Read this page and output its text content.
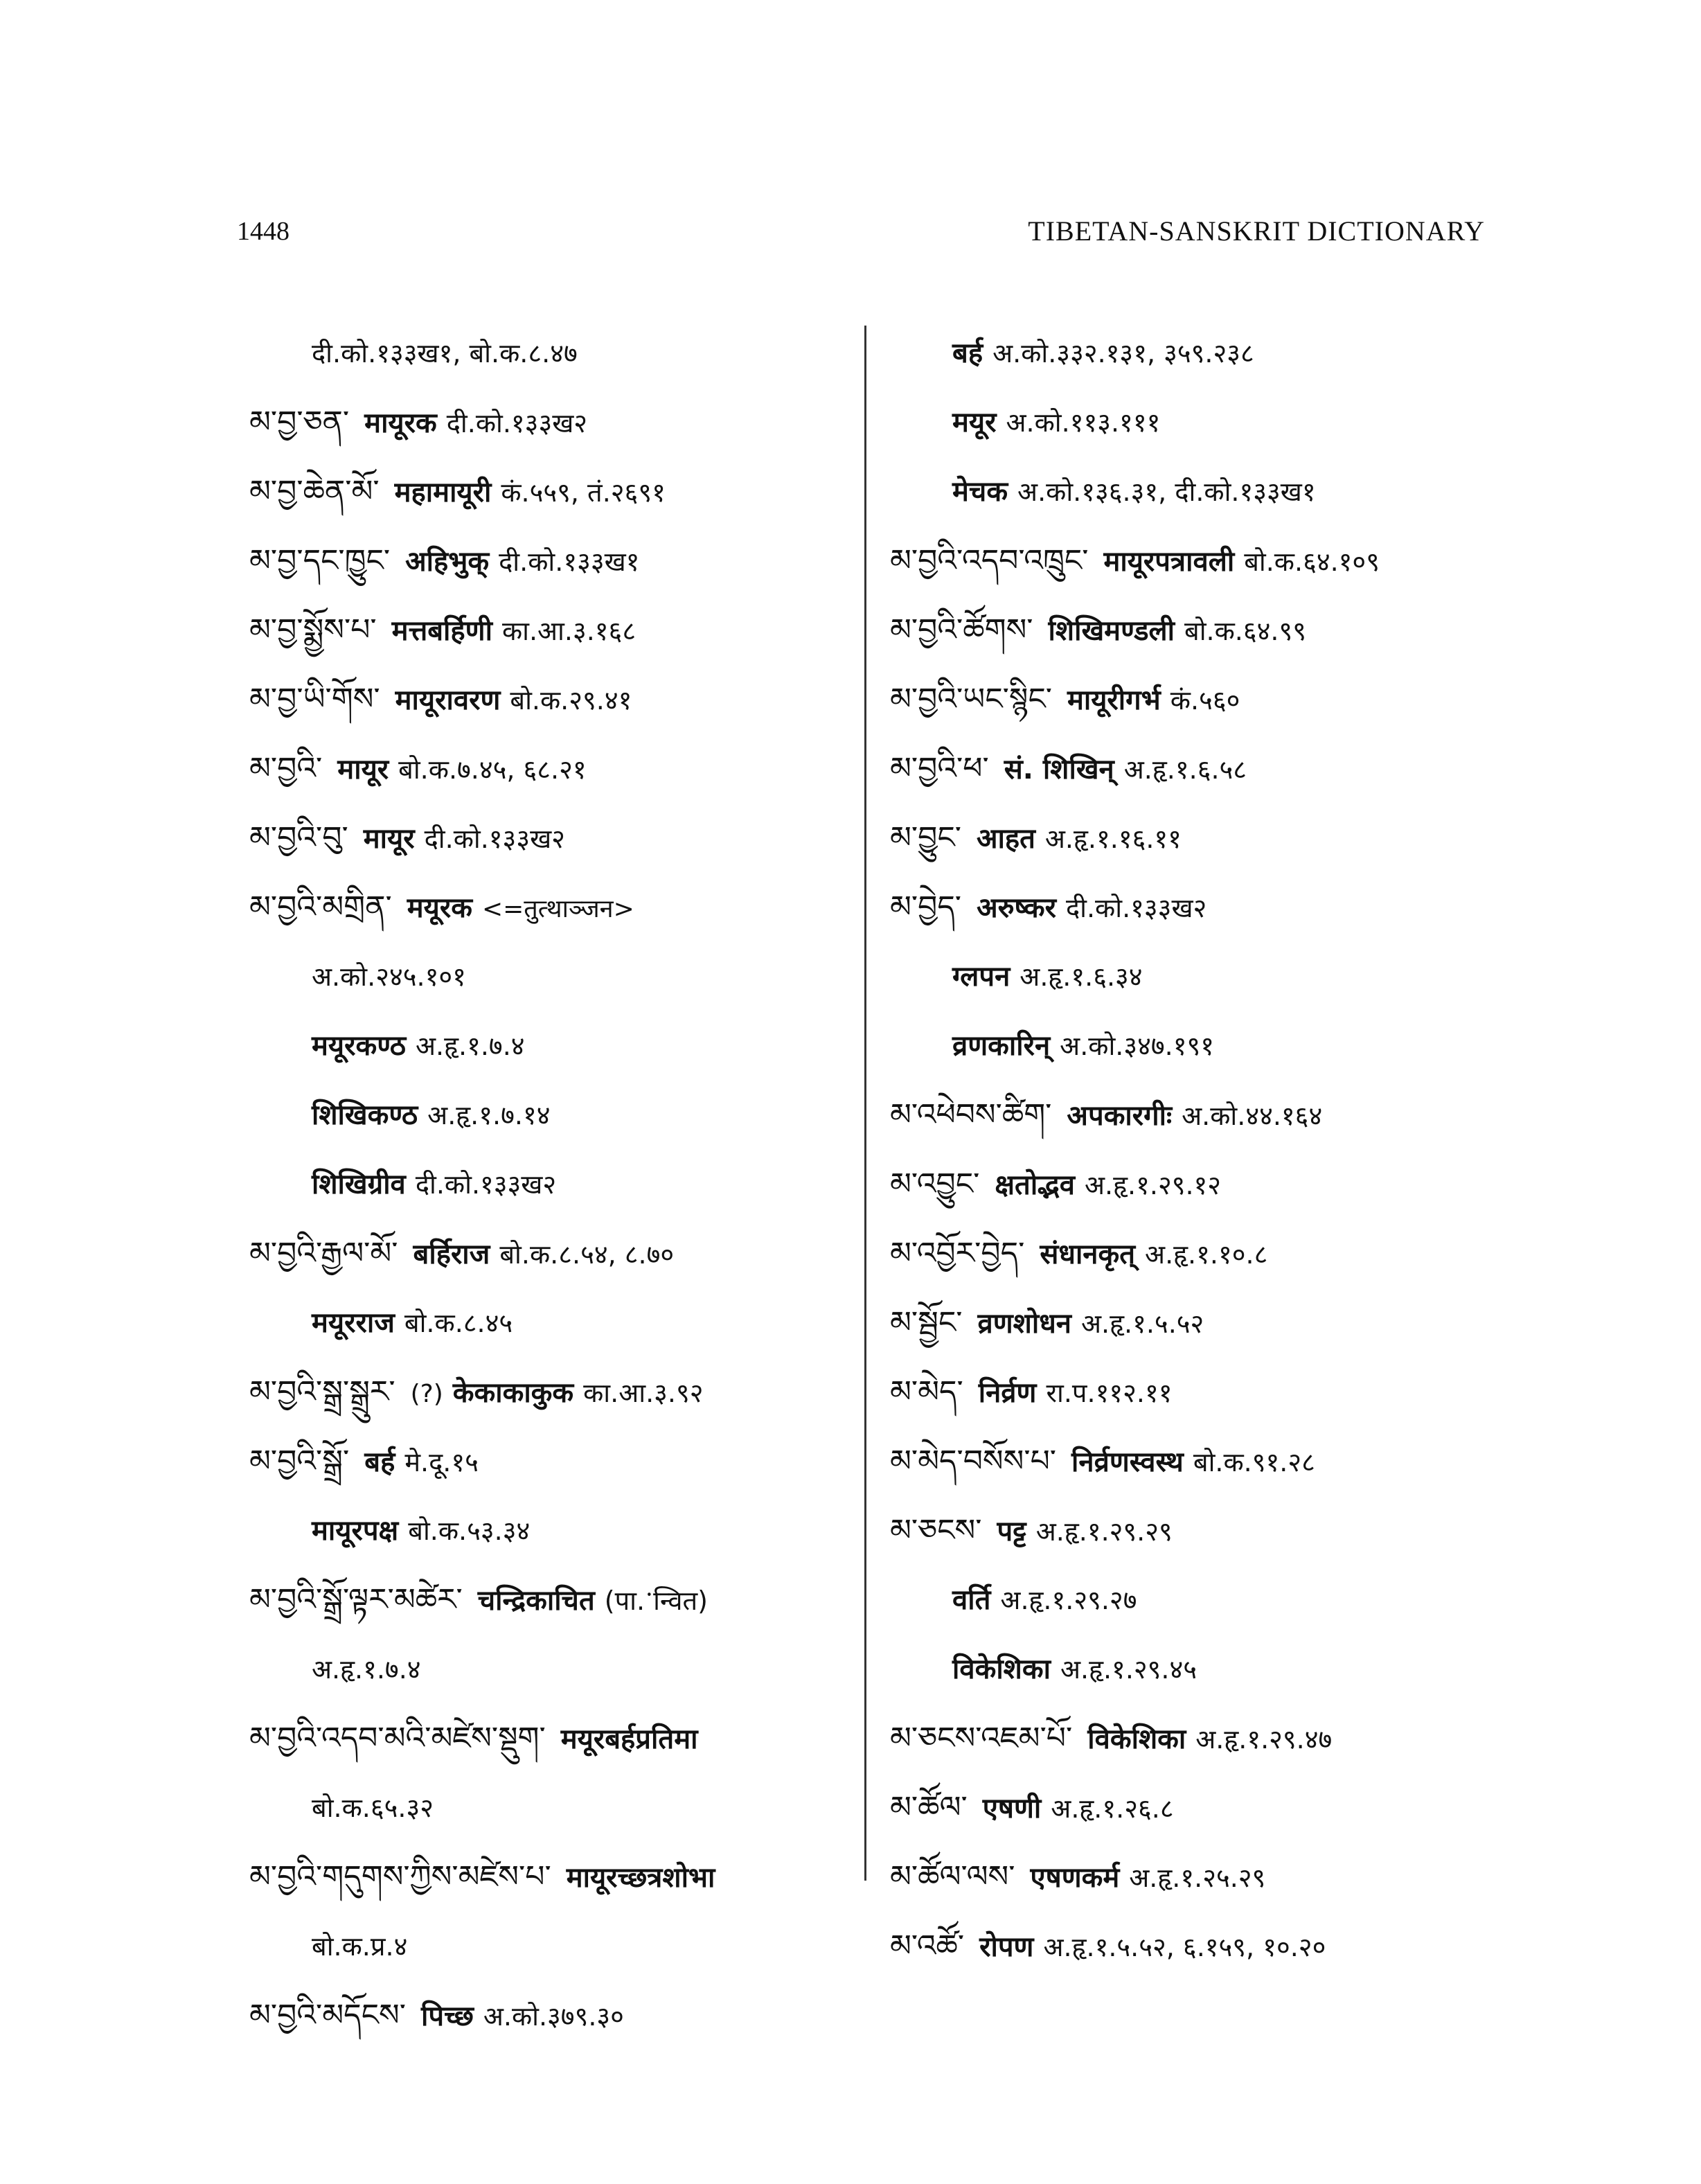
1448	TIBETAN-SANSKRIT DICTIONARY
दी.को.१३३ख१, बो.क.८.४७
མ་བྱ་ཅན་ मायूरक दी.को.१३३ख२
མ་བྱ་ཆེན་མོ་ महामायूरी कं.५५९, तं.२६९१
མ་བྱ་དང་ཁྱུང་ अहिभुक् दी.को.१३३ख१
མ་བྱ་སྨྱོས་པ་ मत्तबर्हिणी का.आ.३.१६८
མ་བྱ་ཡི་གོས་ मायूरावरण बो.क.२९.४१
མ་བྱའི་ मायूर बो.क.७.४५, ६८.२१
མ་བྱའི་བུ་ मायूर दी.को.१३३ख२
མ་བྱའི་མགྲིན་ मयूरक <=तुत्थाञ्जन>
अ.को.२४५.१०१
मयूरकण्ठ अ.हृ.१.७.४
शिखिकण्ठ अ.हृ.१.७.१४
शिखिग्रीव दी.को.१३३ख२
མ་བྱའི་རྒྱལ་མོ་ बर्हिराज बो.क.८.५४, ८.७०
मयूरराज बो.क.८.४५
མ་བྱའི་སྒྲ་སྒྲུར་ (?) केकाकाकुक का.आ.३.९२
མ་བྱའི་སྒྲོ་ बर्ह मे.दू.१५
मायूरपक्ष बो.क.५३.३४
མ་བྱའི་སྒྲོ་ལྟར་མཚེར་ चन्द्रिकाचित (पा.ॱन्वित)
अ.हृ.१.७.४
མ་བྱའི་འདབ་མའི་མཛེས་སྡུག་ मयूरबर्हप्रतिमा
बो.क.६५.३२
མ་བྱའི་གདུགས་ཀྱིས་མཛེས་པ་ मायूरच्छत्रशोभा
बो.क.प्र.४
མ་བྱའི་མདོངས་ पिच्छ अ.को.३७९.३०
बर्ह अ.को.३३२.१३१, ३५९.२३८
मयूर अ.को.११३.१११
मेचक अ.को.१३६.३१, दी.को.१३३ख१
མ་བྱའི་འདབ་འཁྲུང་ मायूरपत्रावली बो.क.६४.१०९
མ་བྱའི་ཚོགས་ शिखिमण्डली बो.क.६४.९९
མ་བྱའི་ཡང་སྙིང་ मायूरीगर्भ कं.५६०
མ་བྱའི་ཕ་ सं. शिखिन् अ.हृ.१.६.५८
མ་བྱུང་ आहत अ.हृ.१.१६.११
མ་བྱེད་ अरुष्कर दी.को.१३३ख२
ग्लपन अ.हृ.१.६.३४
व्रणकारिन् अ.को.३४७.१९१
མ་འཕེབས་ཚིག་ अपकारगीः अ.को.४४.१६४
མ་འབྱུང་ क्षतोद्भव अ.हृ.१.२९.१२
མ་འབྱོར་བྱེད་ संधानकृत् अ.हृ.१.१०.८
མ་སྦྱོང་ व्रणशोधन अ.हृ.१.५.५२
མ་མེད་ निर्व्रण रा.प.११२.११
མ་མེད་བསོས་པ་ निर्व्रणस्वस्थ बो.क.९१.२८
མ་ཅངས་ पट्ट अ.हृ.१.२९.२९
वर्ति अ.हृ.१.२९.२७
विकेशिका अ.हृ.१.२९.४५
མ་ཅངས་འཇམ་པོ་ विकेशिका अ.हृ.१.२९.४७
མ་ཚོལ་ एषणी अ.हृ.१.२६.८
མ་ཚོལ་ལས་ एषणकर्म अ.हृ.१.२५.२९
མ་འཚོ་ रोपण अ.हृ.१.५.५२, ६.१५९, १०.२०
